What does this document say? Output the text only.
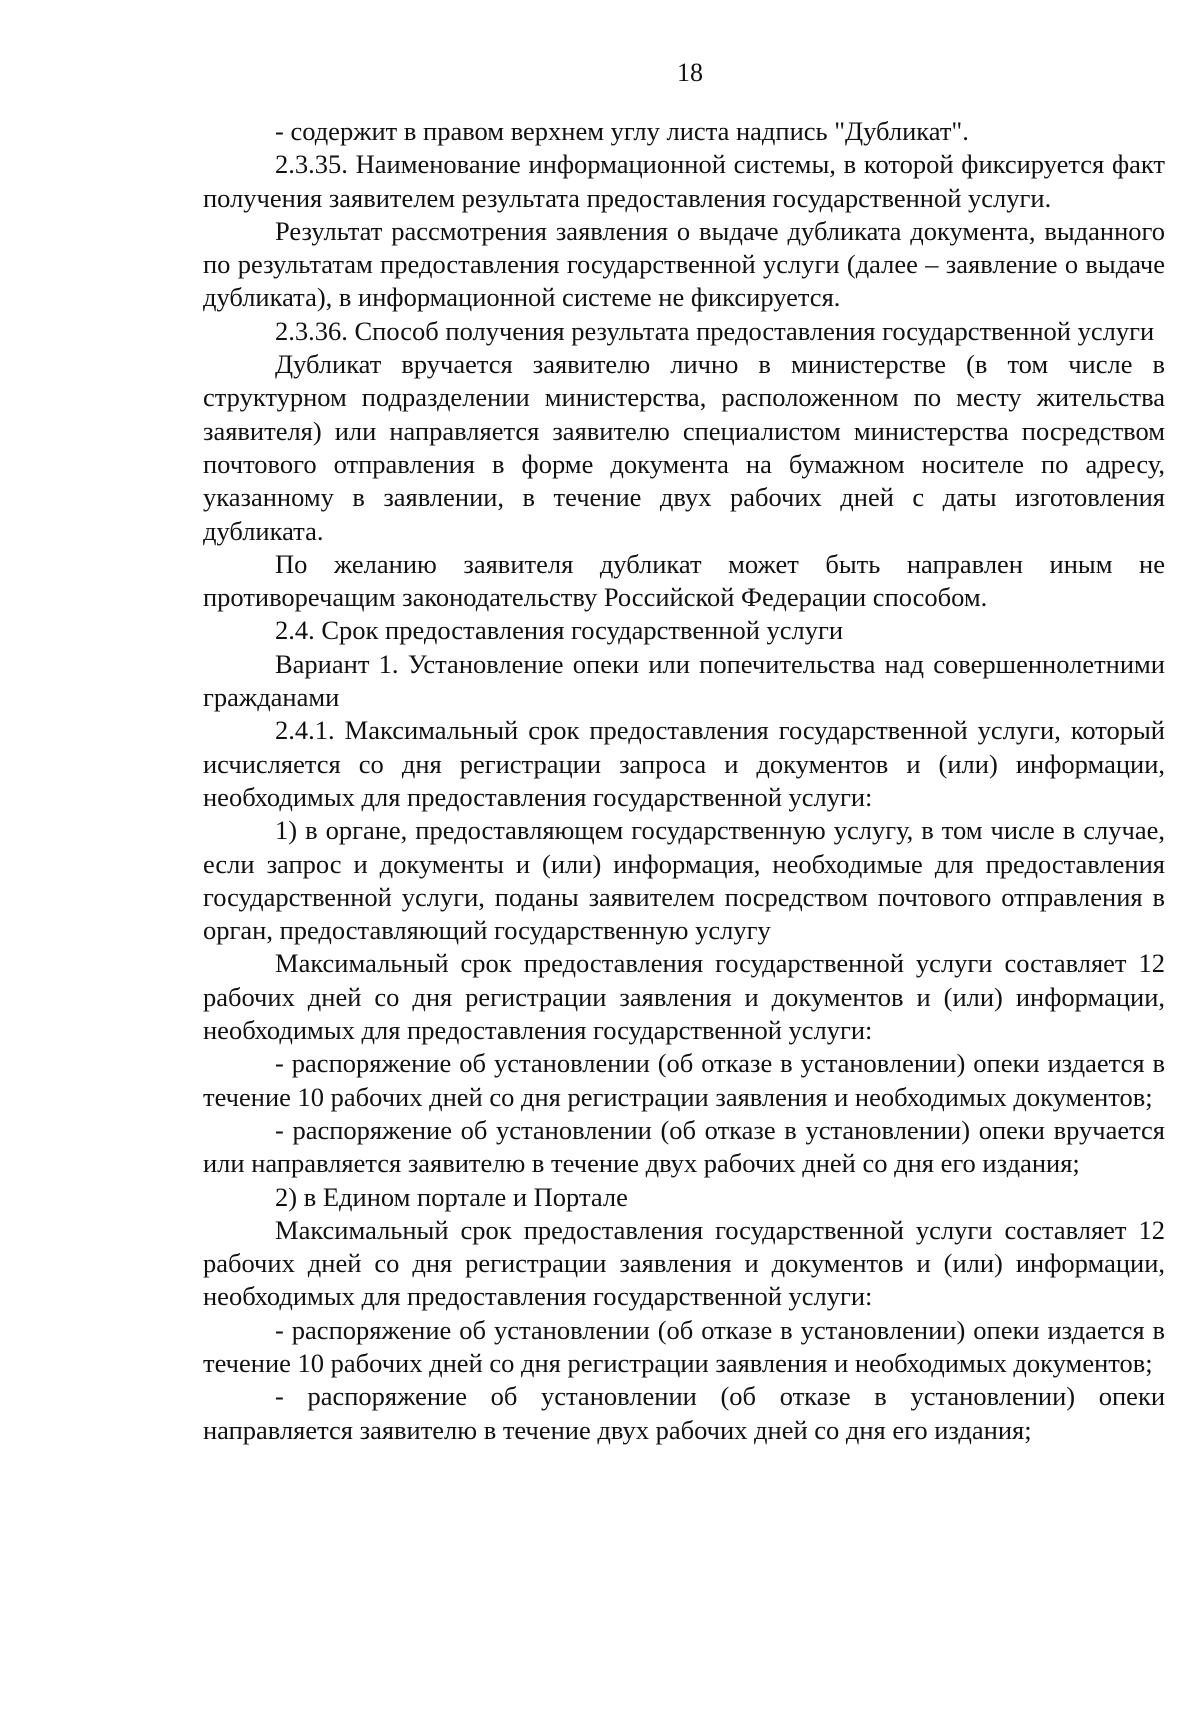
18

- содержит в правом верхнем углу листа надпись "Дубликат".

2.3.35. Наименование информационной системы, в которой фиксируется факт получения заявителем результата предоставления государственной услуги.

Результат рассмотрения заявления о выдаче дубликата документа, выданного по результатам предоставления государственной услуги (далее – заявление о выдаче дубликата), в информационной системе не фиксируется.

2.3.36. Способ получения результата предоставления государственной услуги

Дубликат вручается заявителю лично в министерстве (в том числе в структурном подразделении министерства, расположенном по месту жительства заявителя) или направляется заявителю специалистом министерства посредством почтового отправления в форме документа на бумажном носителе по адресу, указанному в заявлении, в течение двух рабочих дней с даты изготовления дубликата.

По желанию заявителя дубликат может быть направлен иным не противоречащим законодательству Российской Федерации способом.

2.4. Срок предоставления государственной услуги

Вариант 1. Установление опеки или попечительства над совершеннолетними гражданами

2.4.1. Максимальный срок предоставления государственной услуги, который исчисляется со дня регистрации запроса и документов и (или) информации, необходимых для предоставления государственной услуги:

1) в органе, предоставляющем государственную услугу, в том числе в случае, если запрос и документы и (или) информация, необходимые для предоставления государственной услуги, поданы заявителем посредством почтового отправления в орган, предоставляющий государственную услугу

Максимальный срок предоставления государственной услуги составляет 12 рабочих дней со дня регистрации заявления и документов и (или) информации, необходимых для предоставления государственной услуги:

- распоряжение об установлении (об отказе в установлении) опеки издается в течение 10 рабочих дней со дня регистрации заявления и необходимых документов;

- распоряжение об установлении (об отказе в установлении) опеки вручается или направляется заявителю в течение двух рабочих дней со дня его издания;

2) в Едином портале и Портале

Максимальный срок предоставления государственной услуги составляет 12 рабочих дней со дня регистрации заявления и документов и (или) информации, необходимых для предоставления государственной услуги:

- распоряжение об установлении (об отказе в установлении) опеки издается в течение 10 рабочих дней со дня регистрации заявления и необходимых документов;

- распоряжение об установлении (об отказе в установлении) опеки направляется заявителю в течение двух рабочих дней со дня его издания;
